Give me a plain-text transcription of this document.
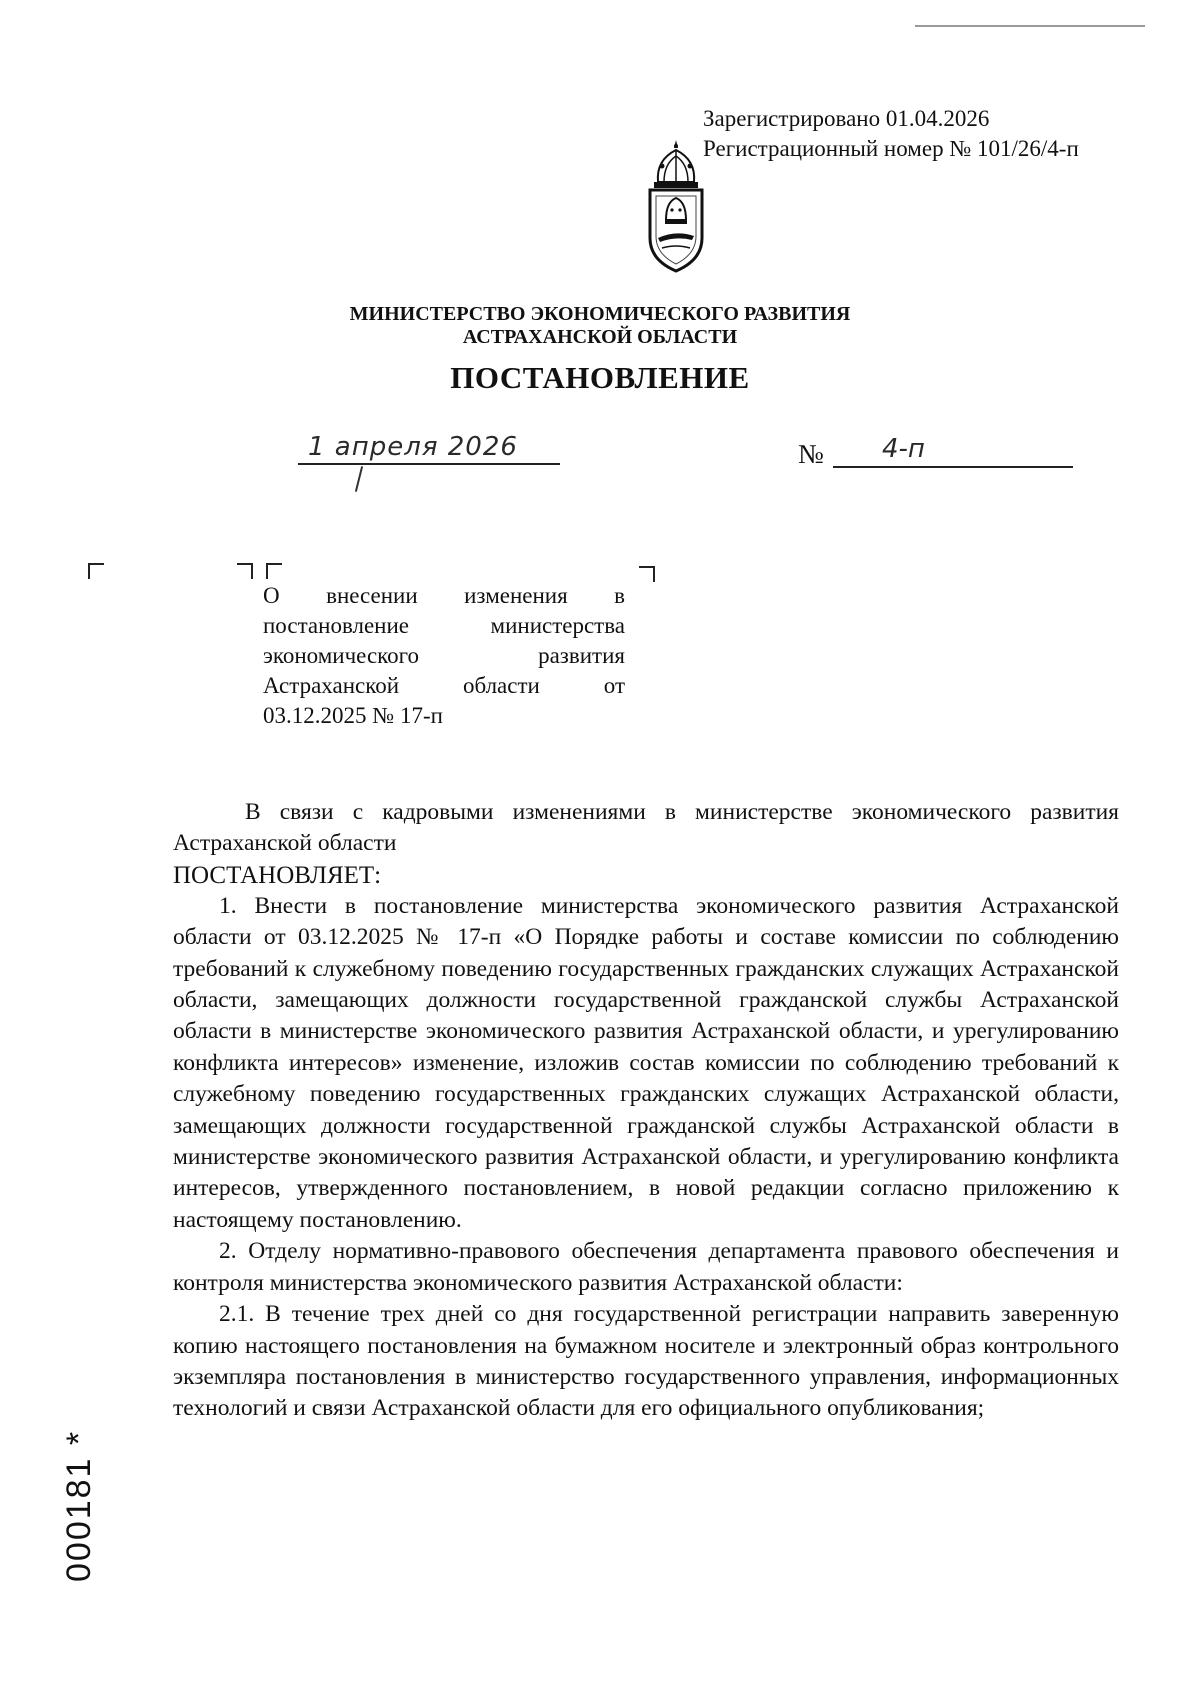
Зарегистрировано 01.04.2026
Регистрационный номер № 101/26/4-п
МИНИСТЕРСТВО ЭКОНОМИЧЕСКОГО РАЗВИТИЯ
АСТРАХАНСКОЙ ОБЛАСТИ
ПОСТАНОВЛЕНИЕ
1 апреля 2026	№ 4-п
О внесении изменения в
постановление министерства
экономического развития
Астраханской области от
03.12.2025 № 17-п

В связи с кадровыми изменениями в министерстве экономического развития Астраханской области

ПОСТАНОВЛЯЕТ:

1. Внести в постановление министерства экономического развития Астраханской области от 03.12.2025 № 17-п «О Порядке работы и составе комиссии по соблюдению требований к служебному поведению государственных гражданских служащих Астраханской области, замещающих должности государственной гражданской службы Астраханской области в министерстве экономического развития Астраханской области, и урегулированию конфликта интересов» изменение, изложив состав комиссии по соблюдению требований к служебному поведению государственных гражданских служащих Астраханской области, замещающих должности государственной гражданской службы Астраханской области в министерстве экономического развития Астраханской области, и урегулированию конфликта интересов, утвержденного постановлением, в новой редакции согласно приложению к настоящему постановлению.

2. Отделу нормативно-правового обеспечения департамента правового обеспечения и контроля министерства экономического развития Астраханской области:

2.1. В течение трех дней со дня государственной регистрации направить заверенную копию настоящего постановления на бумажном носителе и электронный образ контрольного экземпляра постановления в министерство государственного управления, информационных технологий и связи Астраханской области для его официального опубликования;

000181 *
